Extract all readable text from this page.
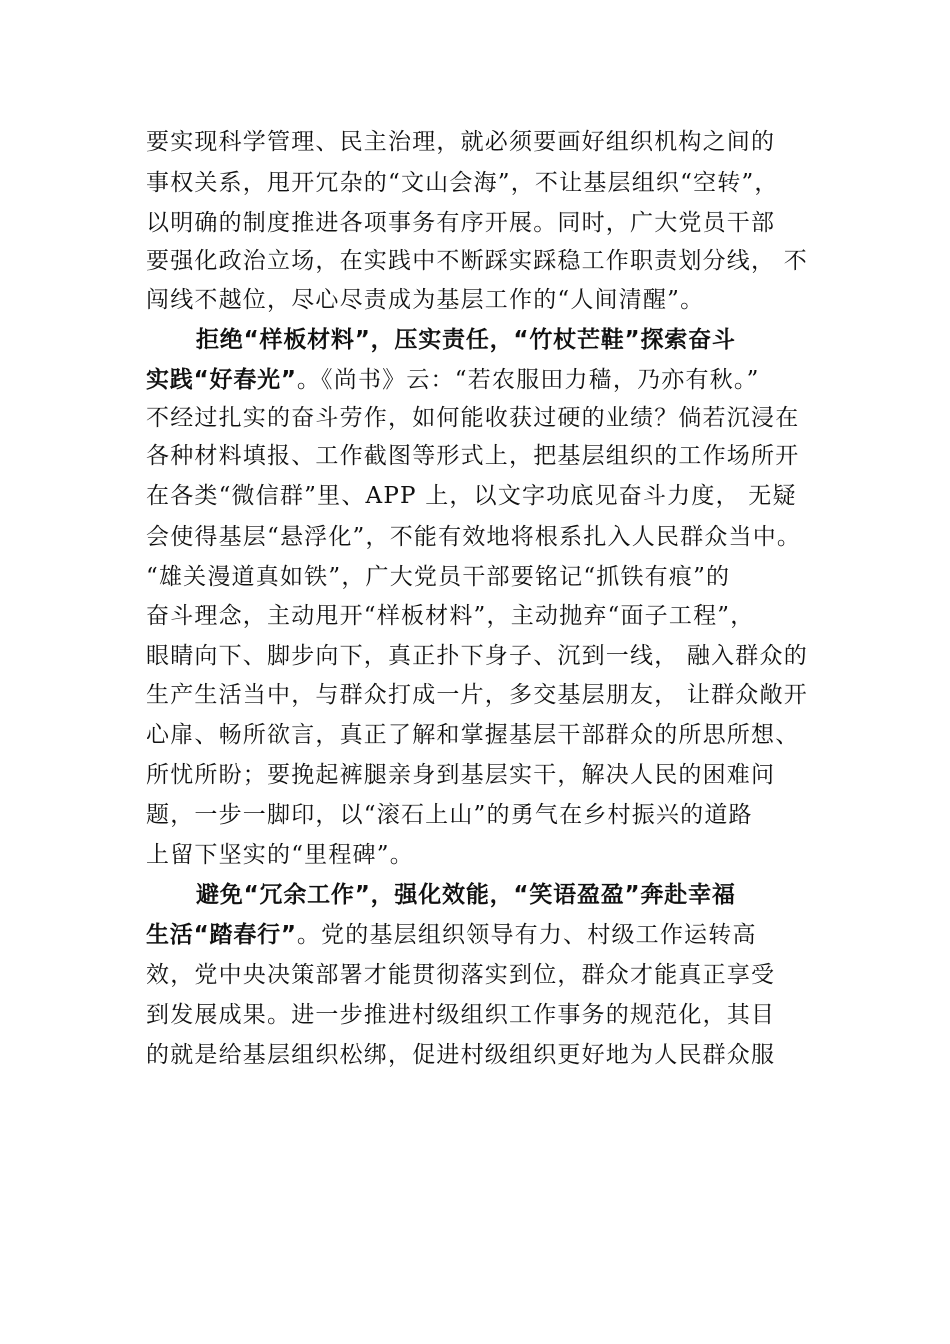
要实现科学管理、民主治理，就必须要画好组织机构之间的
事权关系，甩开冗杂的“文山会海”，不让基层组织“空转”，
以明确的制度推进各项事务有序开展。同时，广大党员干部
要强化政治立场，在实践中不断踩实踩稳工作职责划分线， 不
闯线不越位，尽心尽责成为基层工作的“人间清醒”。
拒绝“样板材料”，压实责任，“竹杖芒鞋”探索奋斗
实践“好春光”。《尚书》云：“若农服田力穑，乃亦有秋。”
不经过扎实的奋斗劳作，如何能收获过硬的业绩？倘若沉浸在
各种材料填报、工作截图等形式上，把基层组织的工作场所开
在各类“微信群”里、APP 上，以文字功底见奋斗力度， 无疑
会使得基层“悬浮化”，不能有效地将根系扎入人民群众当中。
“雄关漫道真如铁”，广大党员干部要铭记“抓铁有痕”的
奋斗理念，主动甩开“样板材料”，主动抛弃“面子工程”，
眼睛向下、脚步向下，真正扑下身子、沉到一线， 融入群众的
生产生活当中，与群众打成一片，多交基层朋友， 让群众敞开
心扉、畅所欲言，真正了解和掌握基层干部群众的所思所想、
所忧所盼；要挽起裤腿亲身到基层实干，解决人民的困难问
题，一步一脚印，以“滚石上山”的勇气在乡村振兴的道路
上留下坚实的“里程碑”。
避免“冗余工作”，强化效能，“笑语盈盈”奔赴幸福
生活“踏春行”。党的基层组织领导有力、村级工作运转高
效，党中央决策部署才能贯彻落实到位，群众才能真正享受
到发展成果。进一步推进村级组织工作事务的规范化，其目
的就是给基层组织松绑，促进村级组织更好地为人民群众服
